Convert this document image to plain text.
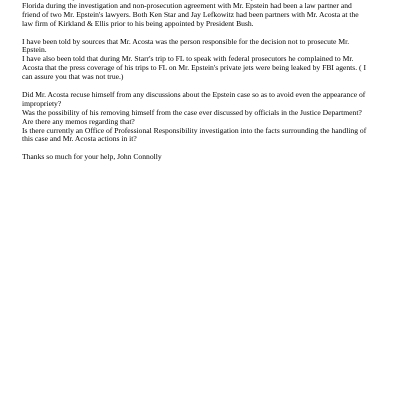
Florida during the investigation and non-prosecution agreement with Mr. Epstein had been a law partner and
friend of two Mr. Epstein's lawyers. Both Ken Star and Jay Lefkowitz had been partners with Mr. Acosta at the
law firm of Kirkland & Ellis prior to his being appointed by President Bush.

I have been told by sources that Mr. Acosta was the person responsible for the decision not to prosecute Mr.
Epstein.
I have also been told that during Mr. Starr's trip to FL to speak with federal prosecutors he complained to Mr.
Acosta that the press coverage of his trips to FL on Mr. Epstein's private jets were being leaked by FBI agents. ( I
can assure you that was not true.)

Did Mr. Acosta recuse himself from any discussions about the Epstein case so as to avoid even the appearance of
impropriety?
Was the possibility of his removing himself from the case ever discussed by officials in the Justice Department?
Are there any memos regarding that?
Is there currently an Office of Professional Responsibility investigation into the facts surrounding the handling of
this case and Mr. Acosta actions in it?

Thanks so much for your help, John Connolly
